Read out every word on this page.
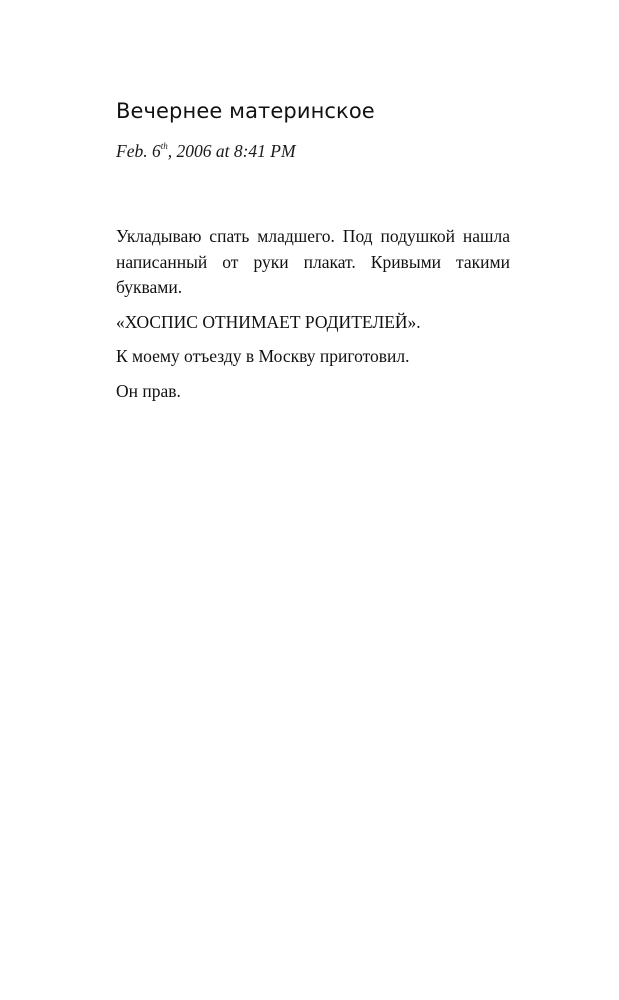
Вечернее материнское

Feb. 6th, 2006 at 8:41 PM

Укладываю спать младшего. Под подушкой нашла написанный от руки плакат. Кривыми такими буквами.

«ХОСПИС ОТНИМАЕТ РОДИТЕЛЕЙ».

К моему отъезду в Москву приготовил.

Он прав.
